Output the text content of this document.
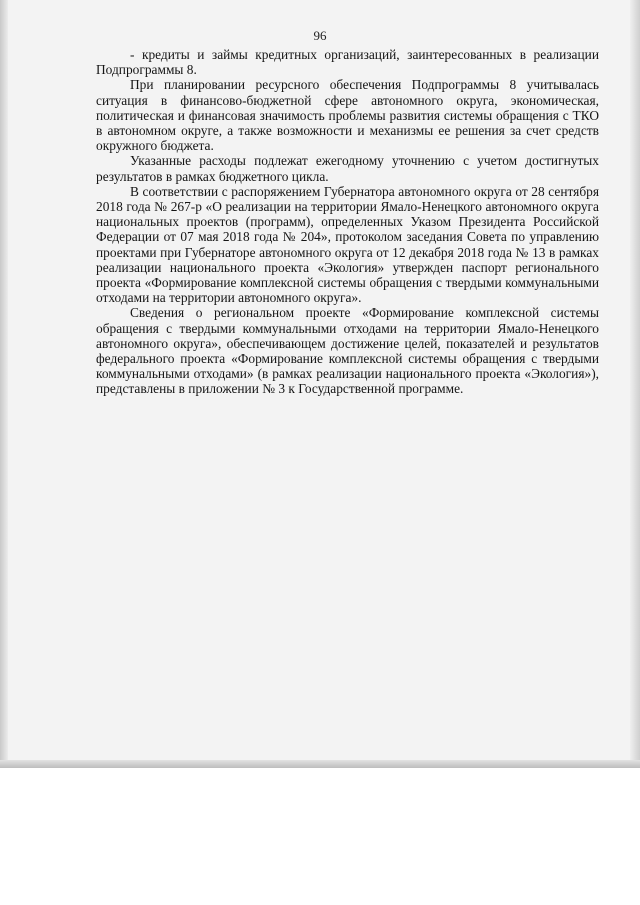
96

- кредиты и займы кредитных организаций, заинтересованных в реализации Подпрограммы 8.

При планировании ресурсного обеспечения Подпрограммы 8 учитывалась ситуация в финансово-бюджетной сфере автономного округа, экономическая, политическая и финансовая значимость проблемы развития системы обращения с ТКО в автономном округе, а также возможности и механизмы ее решения за счет средств окружного бюджета.

Указанные расходы подлежат ежегодному уточнению с учетом достигнутых результатов в рамках бюджетного цикла.

В соответствии с распоряжением Губернатора автономного округа от 28 сентября 2018 года № 267-р «О реализации на территории Ямало-Ненецкого автономного округа национальных проектов (программ), определенных Указом Президента Российской Федерации от 07 мая 2018 года № 204», протоколом заседания Совета по управлению проектами при Губернаторе автономного округа от 12 декабря 2018 года № 13 в рамках реализации национального проекта «Экология» утвержден паспорт регионального проекта «Формирование комплексной системы обращения с твердыми коммунальными отходами на территории автономного округа».

Сведения о региональном проекте «Формирование комплексной системы обращения с твердыми коммунальными отходами на территории Ямало-Ненецкого автономного округа», обеспечивающем достижение целей, показателей и результатов федерального проекта «Формирование комплексной системы обращения с твердыми коммунальными отходами» (в рамках реализации национального проекта «Экология»), представлены в приложении № 3 к Государственной программе.
